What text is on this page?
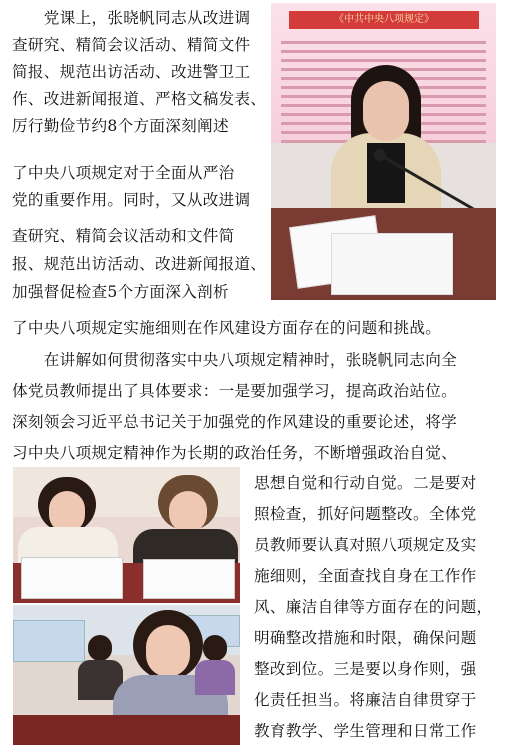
　　党课上，张晓帆同志从改进调
查研究、精简会议活动、精简文件
简报、规范出访活动、改进警卫工
作、改进新闻报道、严格文稿发表、
厉行勤俭节约8个方面深刻阐述
了中央八项规定对于全面从严治
党的重要作用。同时，又从改进调
查研究、精简会议活动和文件简
报、规范出访活动、改进新闻报道、
加强督促检查5个方面深入剖析
了中央八项规定实施细则在作风建设方面存在的问题和挑战。
　　在讲解如何贯彻落实中央八项规定精神时，张晓帆同志向全
体党员教师提出了具体要求：一是要加强学习，提高政治站位。
深刻领会习近平总书记关于加强党的作风建设的重要论述，将学
习中央八项规定精神作为长期的政治任务，不断增强政治自觉、
思想自觉和行动自觉。二是要对
照检查，抓好问题整改。全体党
员教师要认真对照八项规定及实
施细则，全面查找自身在工作作
风、廉洁自律等方面存在的问题，
明确整改措施和时限，确保问题
整改到位。三是要以身作则，强
化责任担当。将廉洁自律贯穿于
教育教学、学生管理和日常工作
《中共中央八项规定》
